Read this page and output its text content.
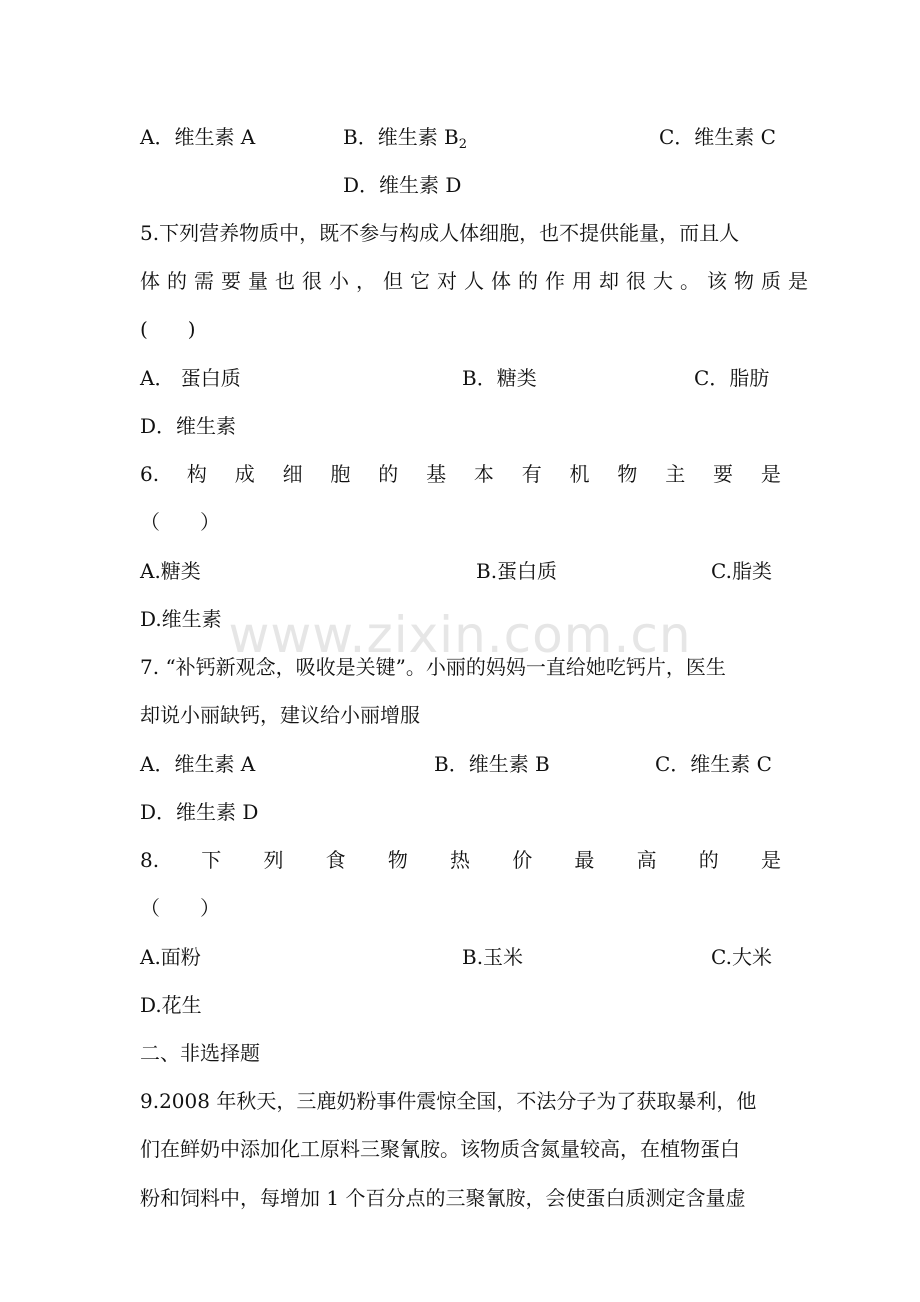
www.zixin.com.cn
A．维生素 A	B．维生素 $B_2$	C．维生素 C
D．维生素 D
5.下列营养物质中，既不参与构成人体细胞，也不提供能量，而且人
体的需要量也很小，但它对人体的作用却很大。该物质是
(　　)
A． 蛋白质	B．糖类	C．脂肪
D．维生素
6. 构 成 细 胞 的 基 本 有 机 物 主 要 是
（　　）
A.糖类	B.蛋白质	C.脂类
D.维生素
7. “补钙新观念，吸收是关键”。小丽的妈妈一直给她吃钙片，医生
却说小丽缺钙，建议给小丽增服
A．维生素 A	B．维生素 B	C．维生素 C
D．维生素 D
8. 下 列 食 物 热 价 最 高 的 是
（　　）
A.面粉	B.玉米	C.大米
D.花生
二、非选择题
9.2008 年秋天，三鹿奶粉事件震惊全国，不法分子为了获取暴利，他
们在鲜奶中添加化工原料三聚氰胺。该物质含氮量较高，在植物蛋白
粉和饲料中，每增加 1 个百分点的三聚氰胺，会使蛋白质测定含量虚
